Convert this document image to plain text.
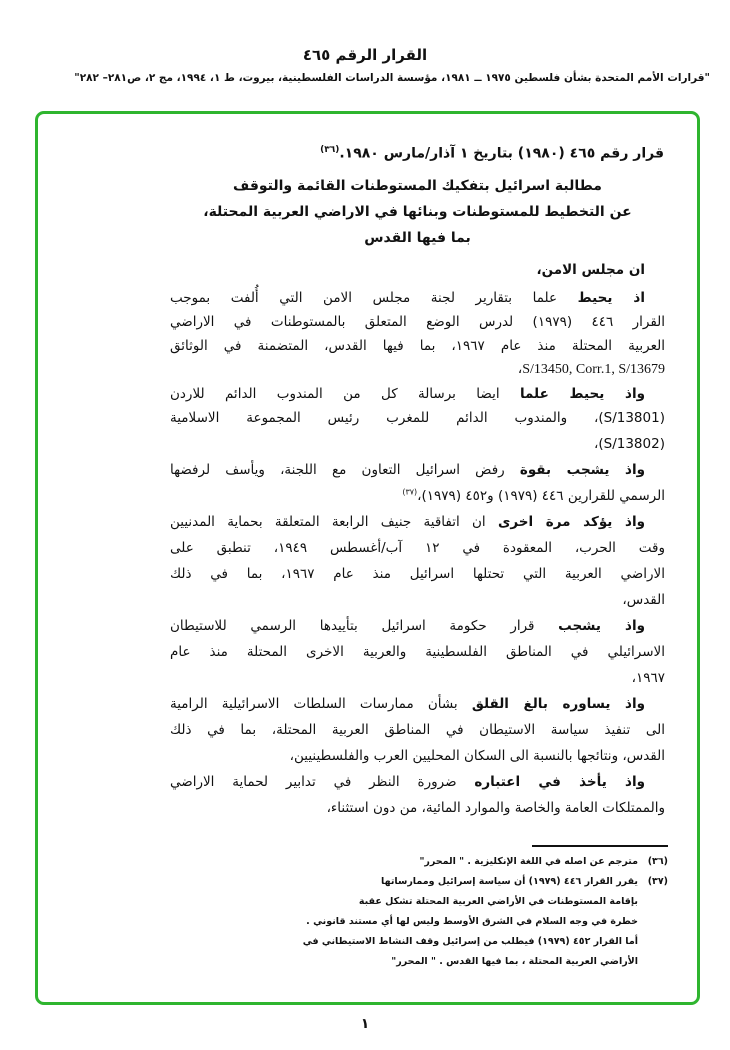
القرار الرقم ٤٦٥
"قرارات الأمم المتحدة بشأن فلسطين ١٩٧٥ ــ ١٩٨١، مؤسسة الدراسات الفلسطينية، بيروت، ط ١، ١٩٩٤، مج ٢، ص٢٨١– ٢٨٢"
قرار رقم ٤٦٥ (١٩٨٠) بتاريخ ١ آذار/مارس ١٩٨٠.$^{(٣٦)}$
مطالبة اسرائيل بتفكيك المستوطنات القائمة والتوقف
عن التخطيط للمستوطنات وبنائها في الاراضي العربية المحتلة،
بما فيها القدس
ان مجلس الامن،
اذ يحيط علما بتقارير لجنة مجلس الامن التي أُلفت بموجب
القرار ٤٤٦ (١٩٧٩) لدرس الوضع المتعلق بالمستوطنات في الاراضي
العربية المحتلة منذ عام ١٩٦٧، بما فيها القدس، المتضمنة في الوثائق
S/13450, Corr.1, S/13679،
واذ يحيط علما ايضا برسالة كل من المندوب الدائم للاردن
(S/13801)، والمندوب الدائم للمغرب رئيس المجموعة الاسلامية
(S/13802)،
واذ يشجب بقوة رفض اسرائيل التعاون مع اللجنة، ويأسف لرفضها
الرسمي للقرارين ٤٤٦ (١٩٧٩) و٤٥٢ (١٩٧٩)،$^{(٣٧)}$
واذ يؤكد مرة اخرى ان اتفاقية جنيف الرابعة المتعلقة بحماية المدنيين
وقت الحرب، المعقودة في ١٢ آب/أغسطس ١٩٤٩، تنطبق على
الاراضي العربية التي تحتلها اسرائيل منذ عام ١٩٦٧، بما في ذلك
القدس،
واذ يشجب قرار حكومة اسرائيل بتأييدها الرسمي للاستيطان
الاسرائيلي في المناطق الفلسطينية والعربية الاخرى المحتلة منذ عام
١٩٦٧،
واذ يساوره بالغ القلق بشأن ممارسات السلطات الاسرائيلية الرامية
الى تنفيذ سياسة الاستيطان في المناطق العربية المحتلة، بما في ذلك
القدس، ونتائجها بالنسبة الى السكان المحليين العرب والفلسطينيين،
واذ يأخذ في اعتباره ضرورة النظر في تدابير لحماية الاراضي
والممتلكات العامة والخاصة والموارد المائية، من دون استثناء،
(٣٦)
مترجم عن اصله في اللغة الإنكليزية . " المحرر"
(٣٧)
يقرر القرار ٤٤٦ (١٩٧٩) أن سياسة إسرائيل وممارساتها
بإقامة المستوطنات في الأراضي العربية المحتلة تشكل عقبة
خطرة في وجه السلام في الشرق الأوسط وليس لها أي مستند قانوني .
أما القرار ٤٥٢ (١٩٧٩) فيطلب من إسرائيل وقف النشاط الاستيطاني في
الأراضي العربية المحتلة ، بما فيها القدس . " المحرر"
١
